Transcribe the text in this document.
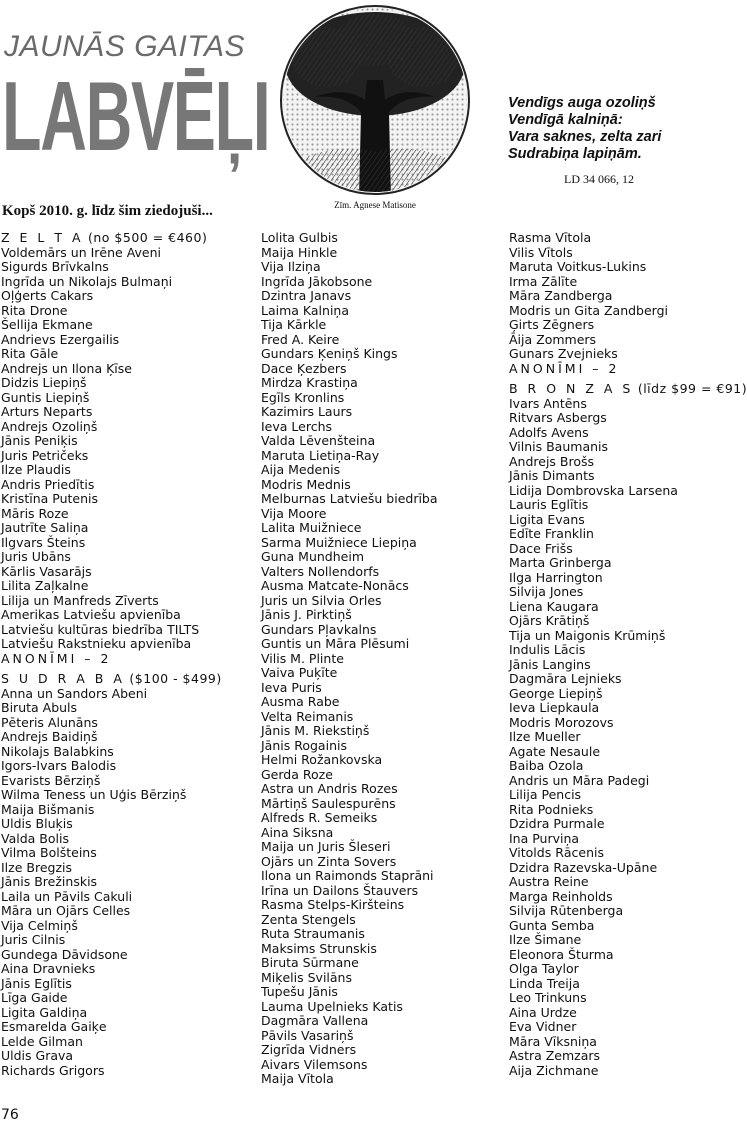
JAUNĀS GAITAS
LABVĒĻI
Kopš 2010. g. līdz šim ziedojuši...	Zīm. Agnese Matisone
Vendīgs auga ozoliņš
Vendīgā kalniņā:
Vara saknes, zelta zari
Sudrabiņa lapiņām.
LD 34 066, 12
Z E L T A (no $500 = €460)
Voldemārs un Irēne Aveni
Sigurds Brīvkalns
Ingrīda un Nikolajs Bulmaņi
Oļģerts Cakars
Rita Drone
Šellija Ekmane
Andrievs Ezergailis
Rita Gāle
Andrejs un Ilona Ķīse
Didzis Liepiņš
Guntis Liepiņš
Arturs Neparts
Andrejs Ozoliņš
Jānis Peniķis
Juris Petričeks
Ilze Plaudis
Andris Priedītis
Kristīna Putenis
Māris Roze
Jautrīte Saliņa
Ilgvars Šteins
Juris Ubāns
Kārlis Vasarājs
Lilita Zaļkalne
Lilija un Manfreds Zīverts
Amerikas Latviešu apvienība
Latviešu kultūras biedrība TILTS
Latviešu Rakstnieku apvienība
ANONĪMI – 2
S U D R A B A ($100 - $499)
Anna un Sandors Abeni
Biruta Abuls
Pēteris Alunāns
Andrejs Baidiņš
Nikolajs Balabkins
Igors-Ivars Balodis
Evarists Bērziņš
Wilma Teness un Uģis Bērziņš
Maija Bišmanis
Uldis Bluķis
Valda Bolis
Vilma Bolšteins
Ilze Bregzis
Jānis Brežinskis
Laila un Pāvils Cakuli
Māra un Ojārs Celles
Vija Celmiņš
Juris Cilnis
Gundega Dāvidsone
Aina Dravnieks
Jānis Eglītis
Līga Gaide
Ligita Galdiņa
Esmarelda Gaiķe
Lelde Gilman
Uldis Grava
Richards Grigors
Lolita Gulbis
Maija Hinkle
Vija Ilziņa
Ingrīda Jākobsone
Dzintra Janavs
Laima Kalniņa
Tija Kārkle
Fred A. Keire
Gundars Ķeniņš Kings
Dace Ķezbers
Mirdza Krastiņa
Egīls Kronlins
Kazimirs Laurs
Ieva Lerchs
Valda Lēvenšteina
Maruta Lietiņa-Ray
Aija Medenis
Modris Mednis
Melburnas Latviešu biedrība
Vija Moore
Lalita Muižniece
Sarma Muižniece Liepiņa
Guna Mundheim
Valters Nollendorfs
Ausma Matcate-Nonācs
Juris un Silvia Orles
Jānis J. Pirktiņš
Gundars Pļavkalns
Guntis un Māra Plēsumi
Vilis M. Plinte
Vaiva Puķīte
Ieva Puris
Ausma Rabe
Velta Reimanis
Jānis M. Riekstiņš
Jānis Rogainis
Helmi Rožankovska
Gerda Roze
Astra un Andris Rozes
Mārtiņš Saulespurēns
Alfreds R. Semeiks
Aina Siksna
Maija un Juris Šleseri
Ojārs un Zinta Sovers
Ilona un Raimonds Staprāni
Irīna un Dailons Štauvers
Rasma Stelps-Kiršteins
Zenta Stengels
Ruta Straumanis
Maksims Strunskis
Biruta Sūrmane
Miķelis Svilāns
Tupešu Jānis
Lauma Upelnieks Katis
Dagmāra Vallena
Pāvils Vasariņš
Zigrīda Vidners
Aivars Vilemsons
Maija Vītola
Rasma Vītola
Vilis Vītols
Maruta Voitkus-Lukins
Irma Zālīte
Māra Zandberga
Modris un Gita Zandbergi
Ģirts Zēgners
Āija Zommers
Gunars Zvejnieks
ANONĪMI – 2
B R O N Z A S (līdz $99 = €91)
Ivars Antēns
Ritvars Asbergs
Adolfs Avens
Vilnis Baumanis
Andrejs Brošs
Jānis Dimants
Lidija Dombrovska Larsena
Lauris Eglītis
Ligita Evans
Edīte Franklin
Dace Frišs
Marta Grinberga
Ilga Harrington
Silvija Jones
Liena Kaugara
Ojārs Krātiņš
Tija un Maigonis Krūmiņš
Indulis Lācis
Jānis Langins
Dagmāra Lejnieks
George Liepiņš
Ieva Liepkaula
Modris Morozovs
Ilze Mueller
Agate Nesaule
Baiba Ozola
Andris un Māra Padegi
Lilija Pencis
Rita Podnieks
Dzidra Purmale
Ina Purviņa
Vitolds Rācenis
Dzidra Razevska-Upāne
Austra Reine
Marga Reinholds
Silvija Rūtenberga
Gunta Semba
Ilze Šimane
Eleonora Šturma
Olga Taylor
Linda Treija
Leo Trinkuns
Aina Urdze
Eva Vidner
Māra Vīksniņa
Astra Zemzars
Aija Zichmane
76
